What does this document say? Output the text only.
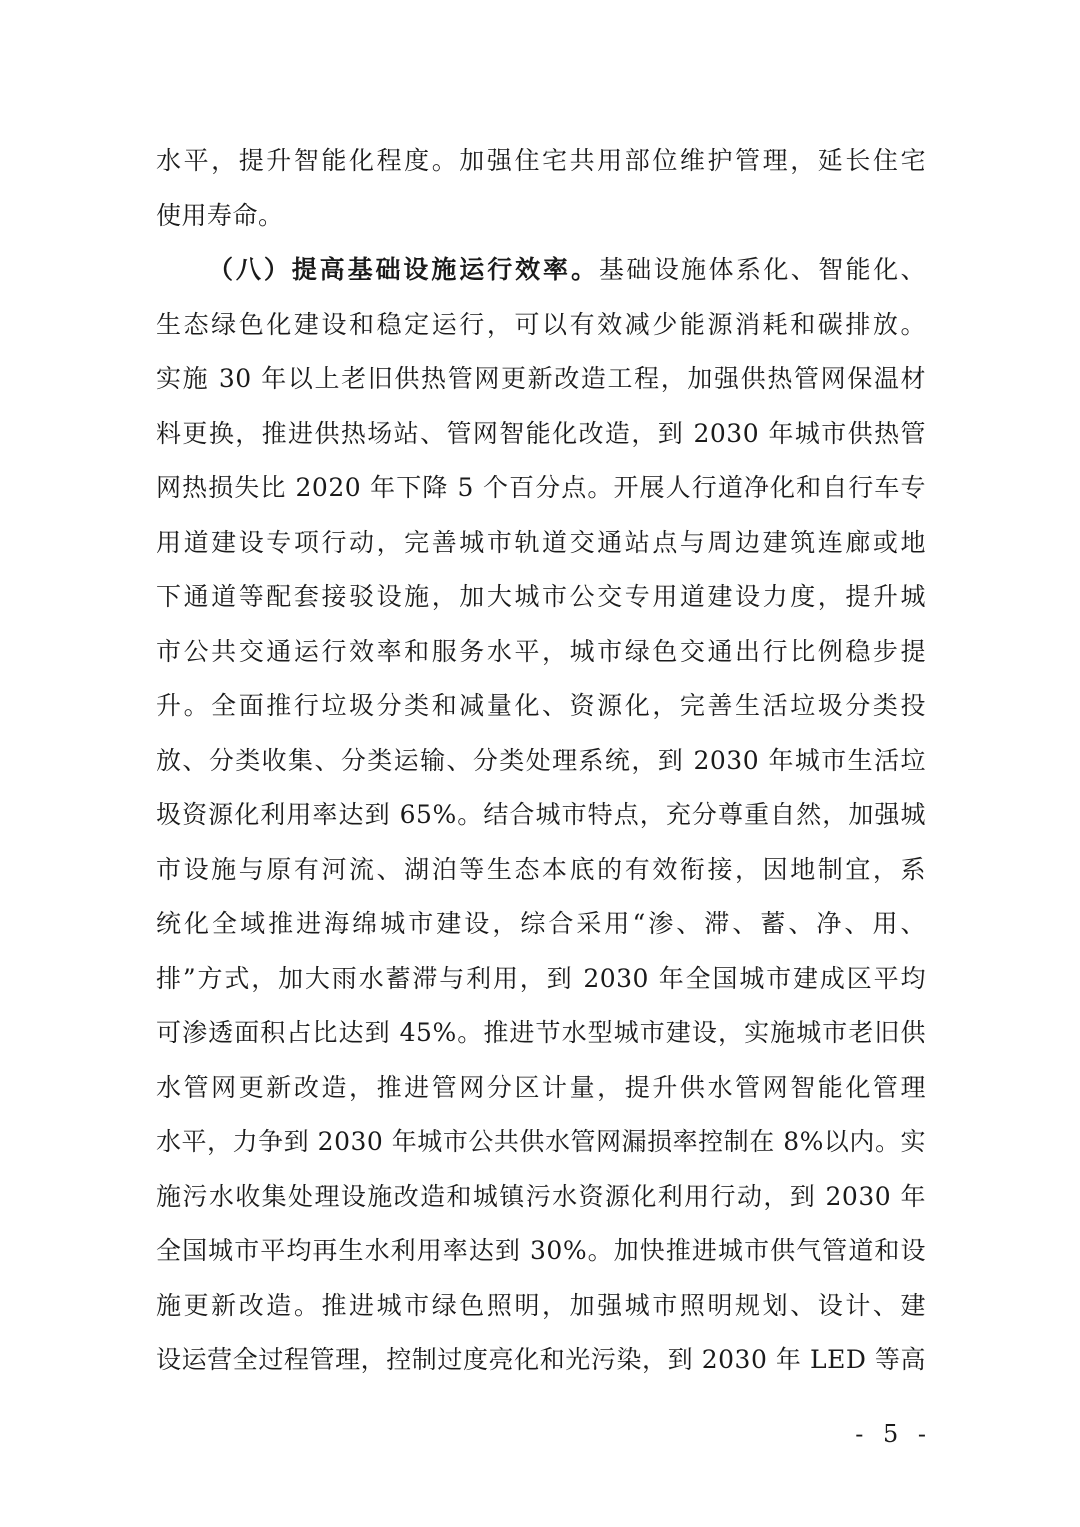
水平，提升智能化程度。加强住宅共用部位维护管理，延长住宅
使用寿命。
（八）提高基础设施运行效率。基础设施体系化、智能化、
生态绿色化建设和稳定运行，可以有效减少能源消耗和碳排放。
实施 30 年以上老旧供热管网更新改造工程，加强供热管网保温材
料更换，推进供热场站、管网智能化改造，到 2030 年城市供热管
网热损失比 2020 年下降 5 个百分点。开展人行道净化和自行车专
用道建设专项行动，完善城市轨道交通站点与周边建筑连廊或地
下通道等配套接驳设施，加大城市公交专用道建设力度，提升城
市公共交通运行效率和服务水平，城市绿色交通出行比例稳步提
升。全面推行垃圾分类和减量化、资源化，完善生活垃圾分类投
放、分类收集、分类运输、分类处理系统，到 2030 年城市生活垃
圾资源化利用率达到 65%。结合城市特点，充分尊重自然，加强城
市设施与原有河流、湖泊等生态本底的有效衔接，因地制宜，系
统化全域推进海绵城市建设，综合采用“渗、滞、蓄、净、用、
排”方式，加大雨水蓄滞与利用，到 2030 年全国城市建成区平均
可渗透面积占比达到 45%。推进节水型城市建设，实施城市老旧供
水管网更新改造，推进管网分区计量，提升供水管网智能化管理
水平，力争到 2030 年城市公共供水管网漏损率控制在 8%以内。实
施污水收集处理设施改造和城镇污水资源化利用行动，到 2030 年
全国城市平均再生水利用率达到 30%。加快推进城市供气管道和设
施更新改造。推进城市绿色照明，加强城市照明规划、设计、建
设运营全过程管理，控制过度亮化和光污染，到 2030 年 LED 等高
- 5 -
